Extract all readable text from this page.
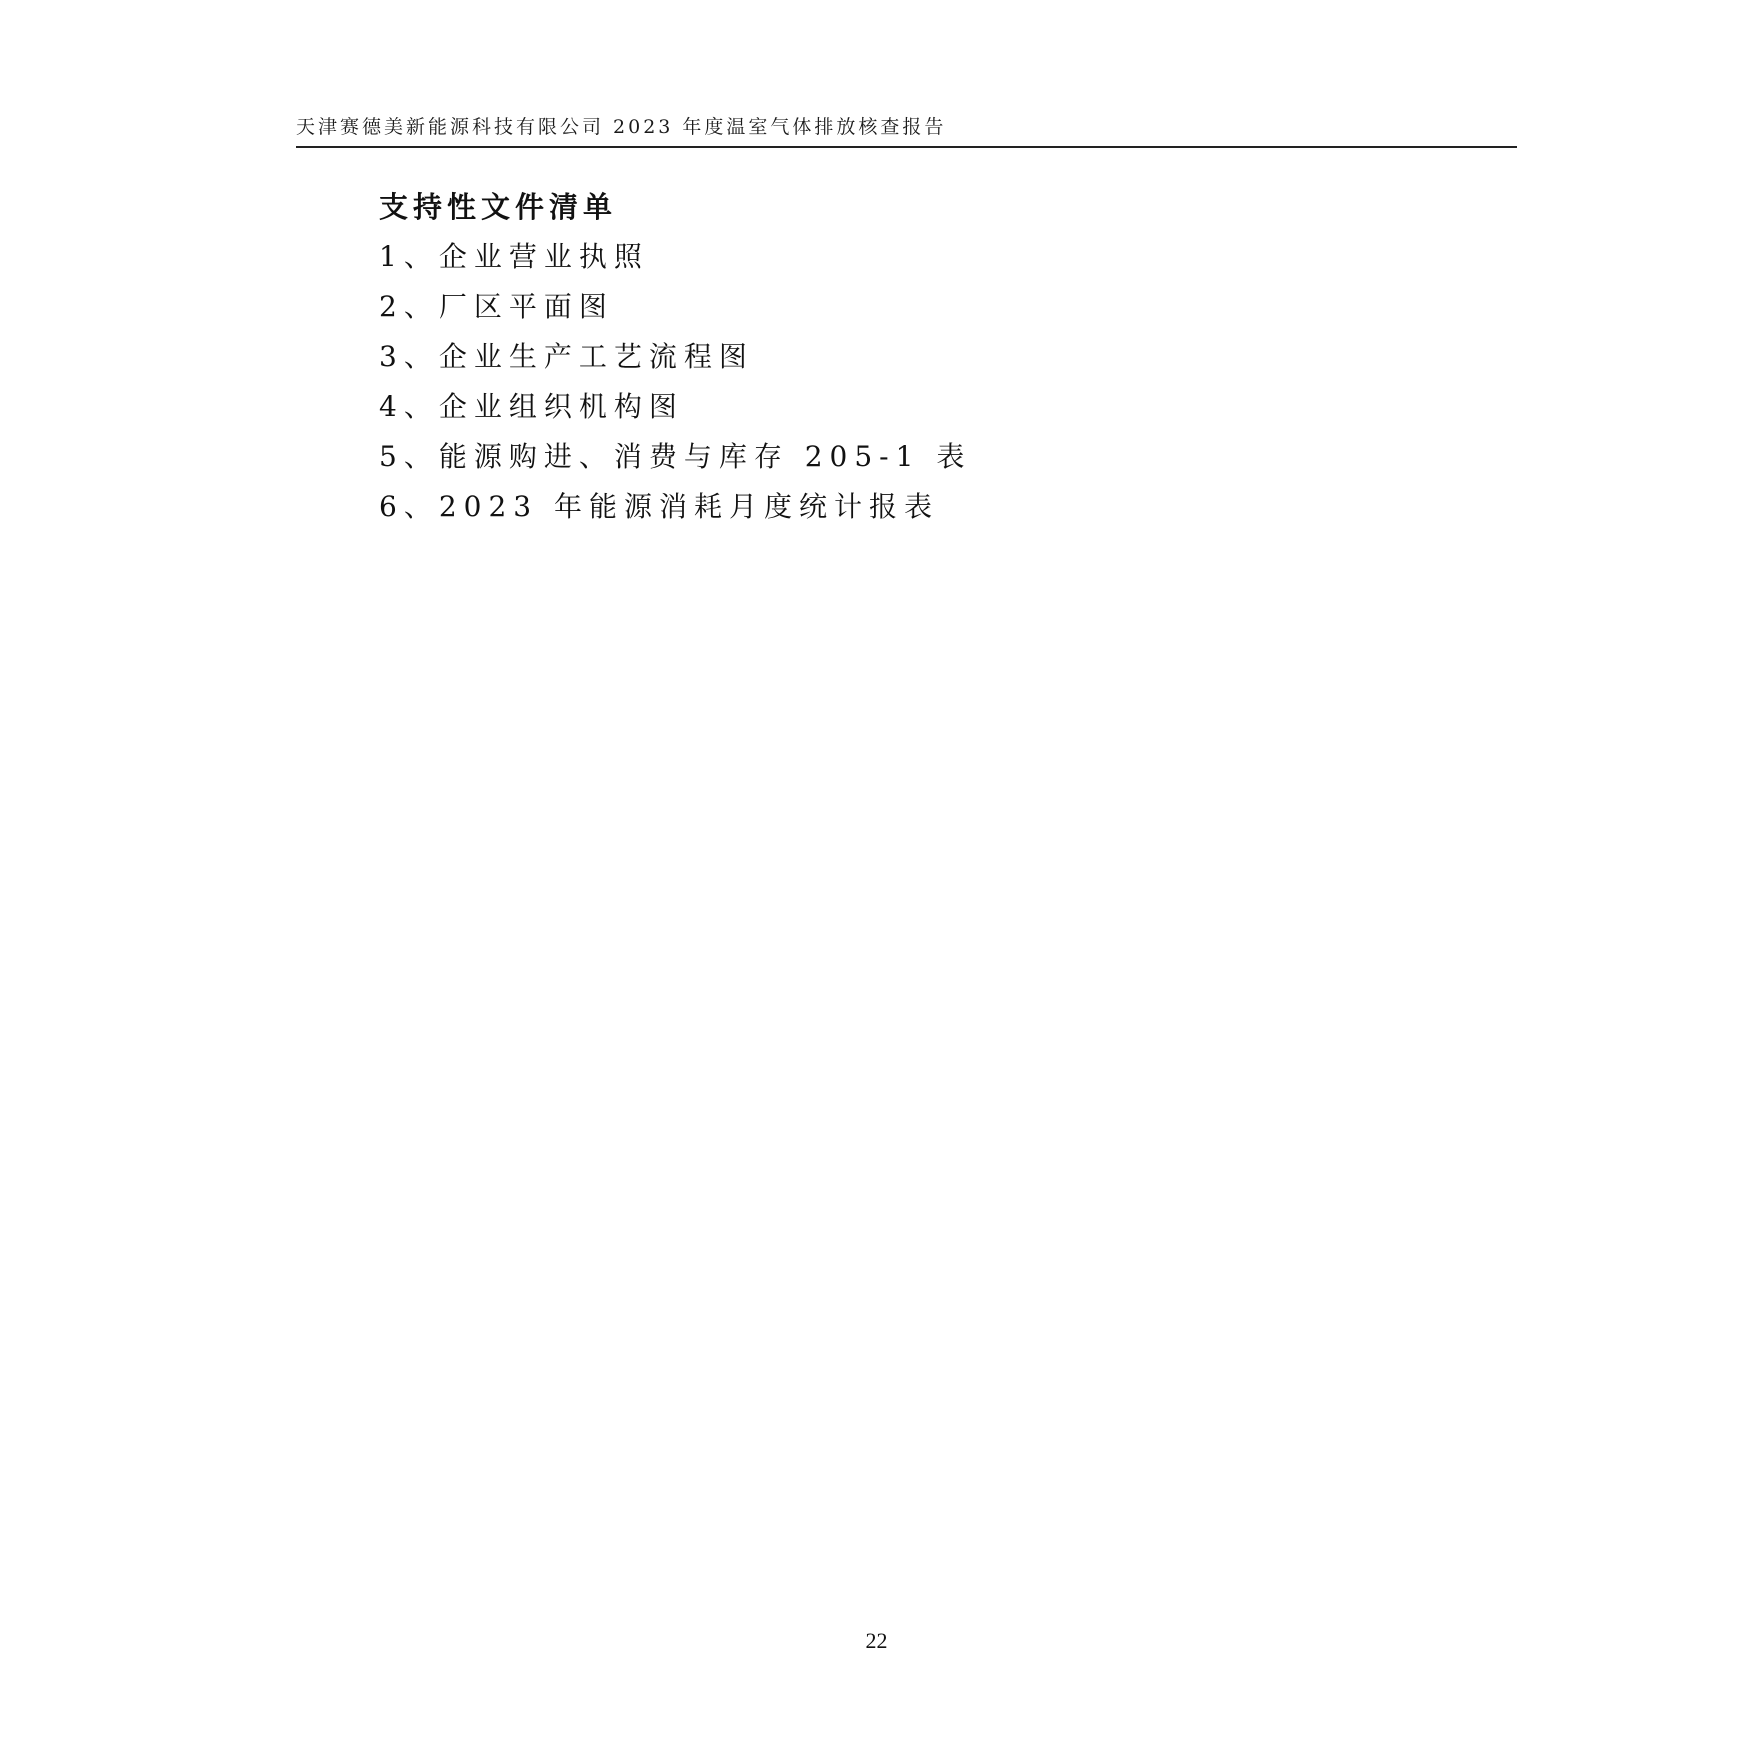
天津赛德美新能源科技有限公司 2023 年度温室气体排放核查报告
支持性文件清单
1、企业营业执照
2、厂区平面图
3、企业生产工艺流程图
4、企业组织机构图
5、能源购进、消费与库存 205-1 表
6、2023 年能源消耗月度统计报表
22
